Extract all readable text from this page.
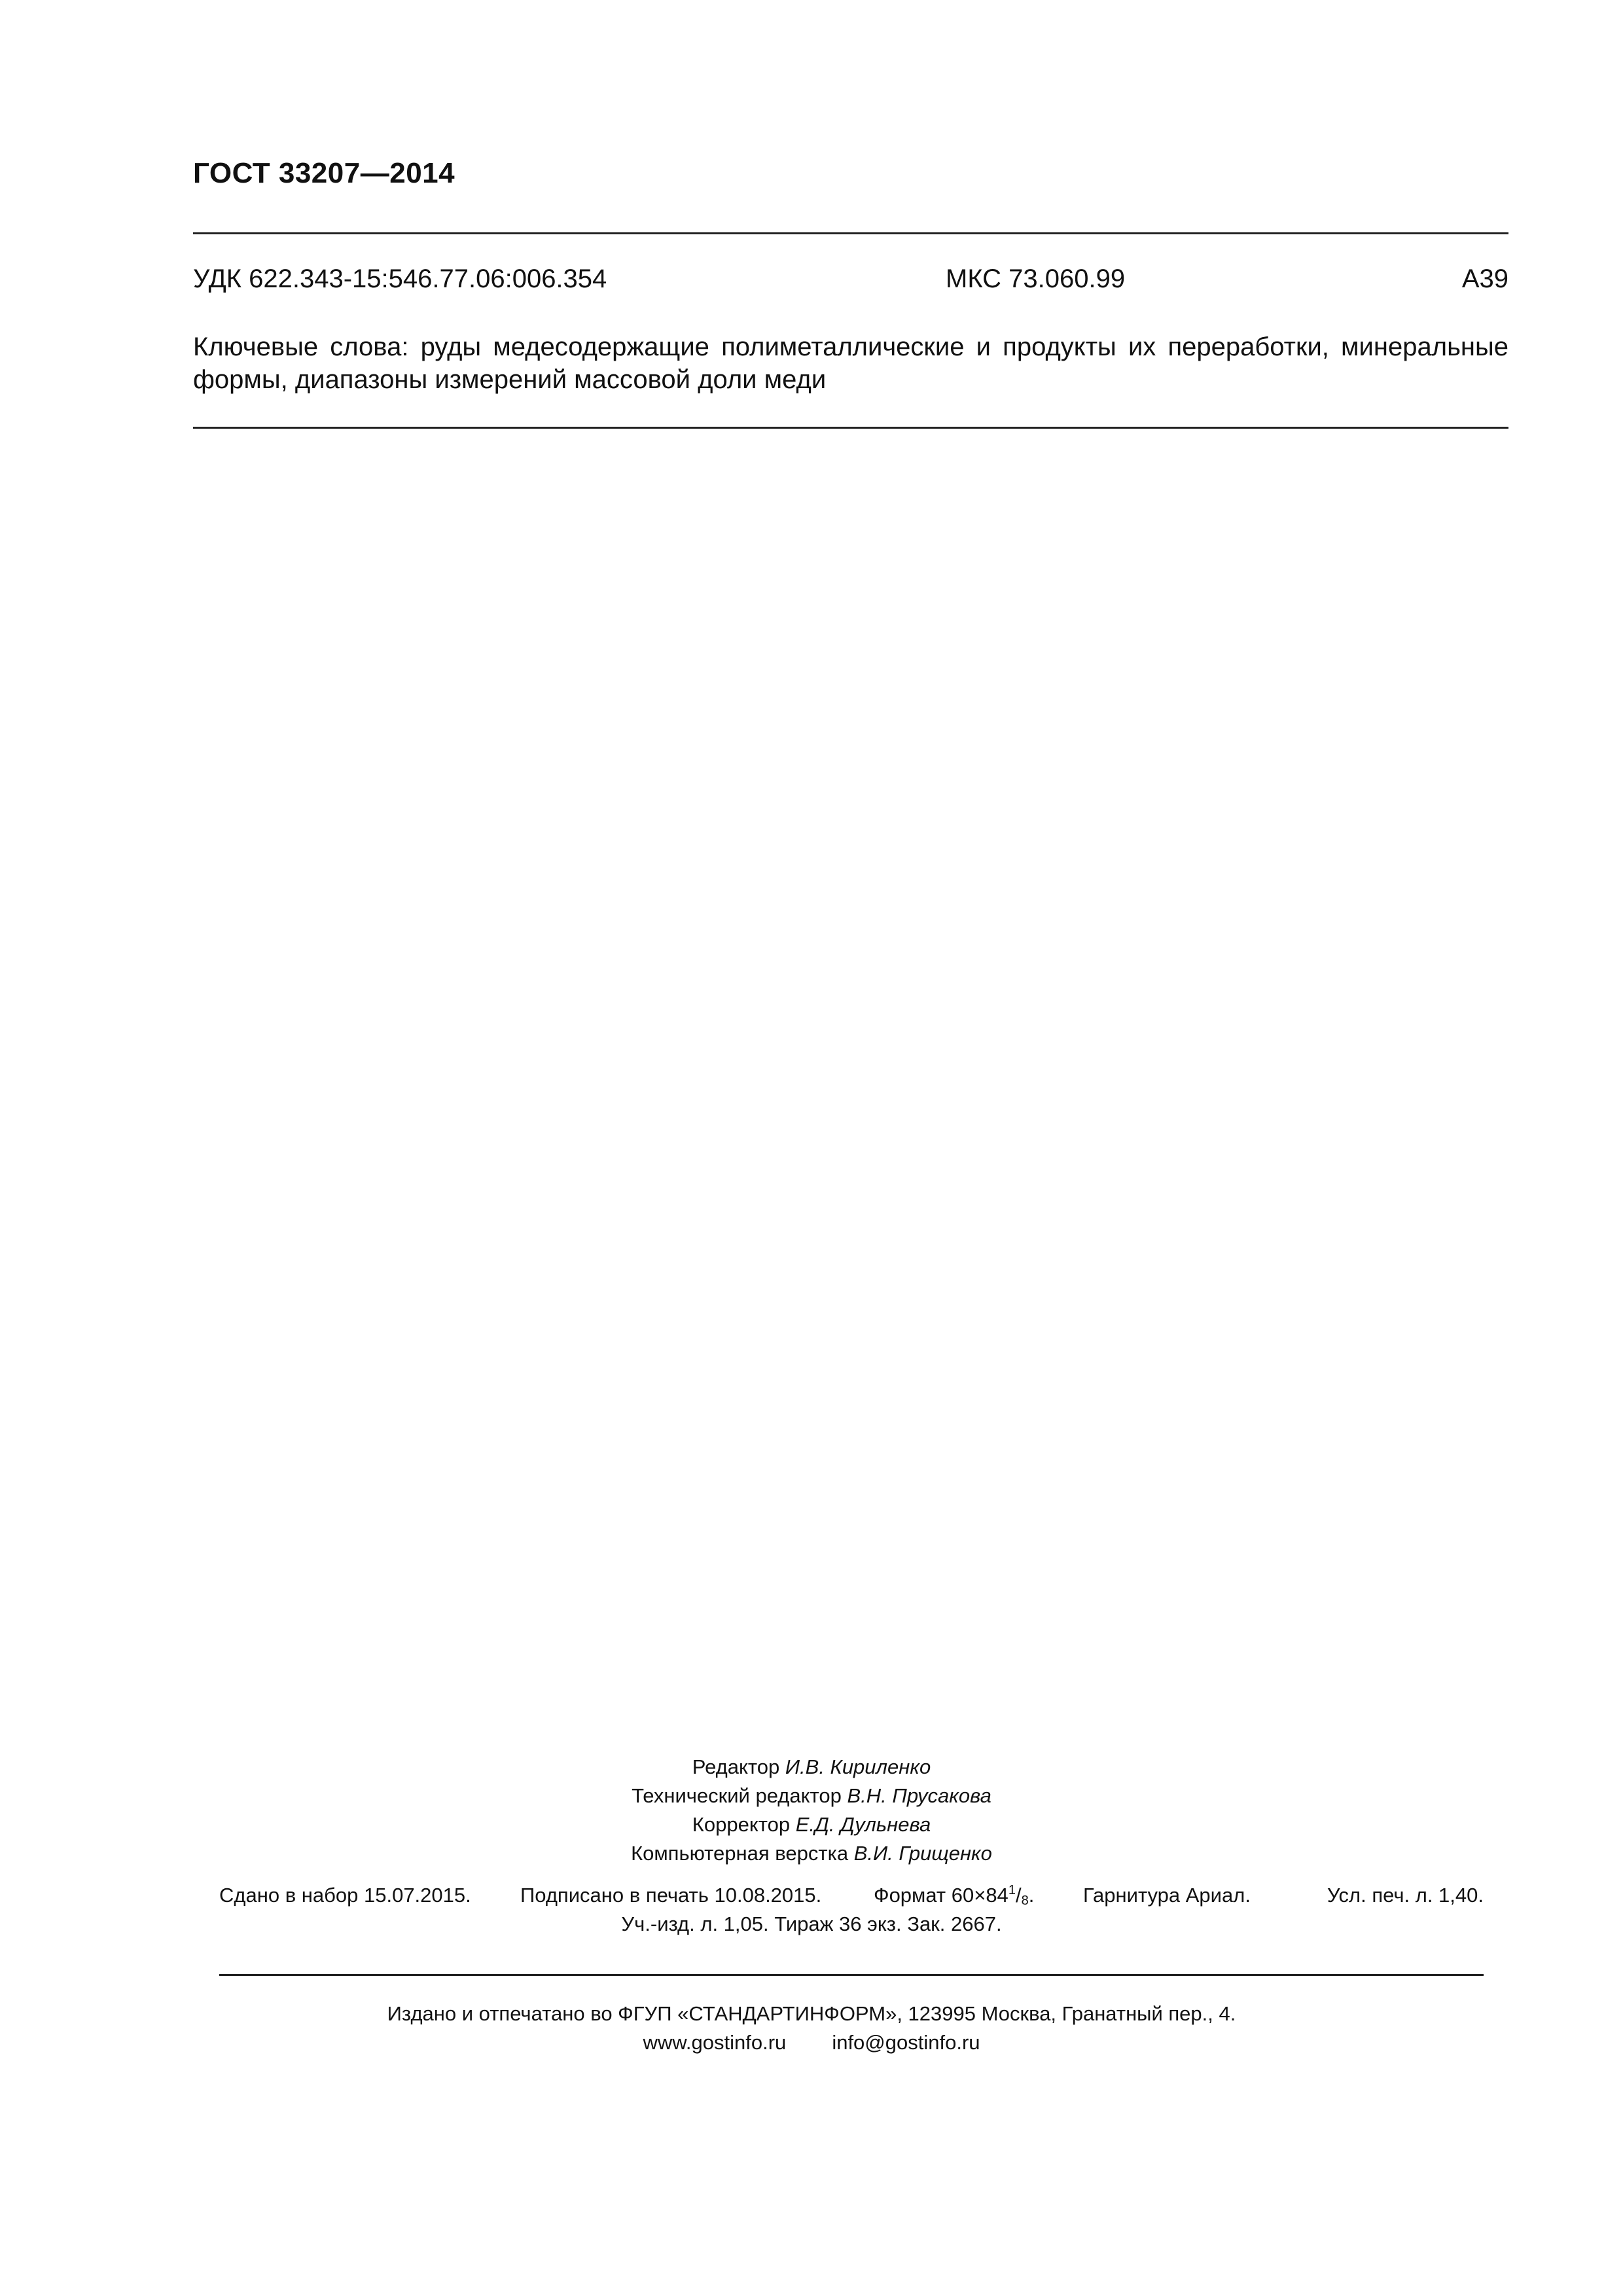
ГОСТ 33207—2014
УДК 622.343-15:546.77.06:006.354	МКС 73.060.99	А39
Ключевые слова: руды медесодержащие полиметаллические и продукты их переработки, минеральные формы, диапазоны измерений массовой доли меди
Редактор И.В. Кириленко
Технический редактор В.Н. Прусакова
Корректор Е.Д. Дульнева
Компьютерная верстка В.И. Грищенко
Сдано в набор 15.07.2015. Подписано в печать 10.08.2015.	Формат $60\times 84^1/_8$. Гарнитура Ариал.	Усл. печ. л. 1,40.
Уч.-изд. л. 1,05. Тираж 36 экз. Зак. 2667.
Издано и отпечатано во ФГУП «СТАНДАРТИНФОРМ», 123995 Москва, Гранатный пер., 4.
www.gostinfo.ru info@gostinfo.ru
